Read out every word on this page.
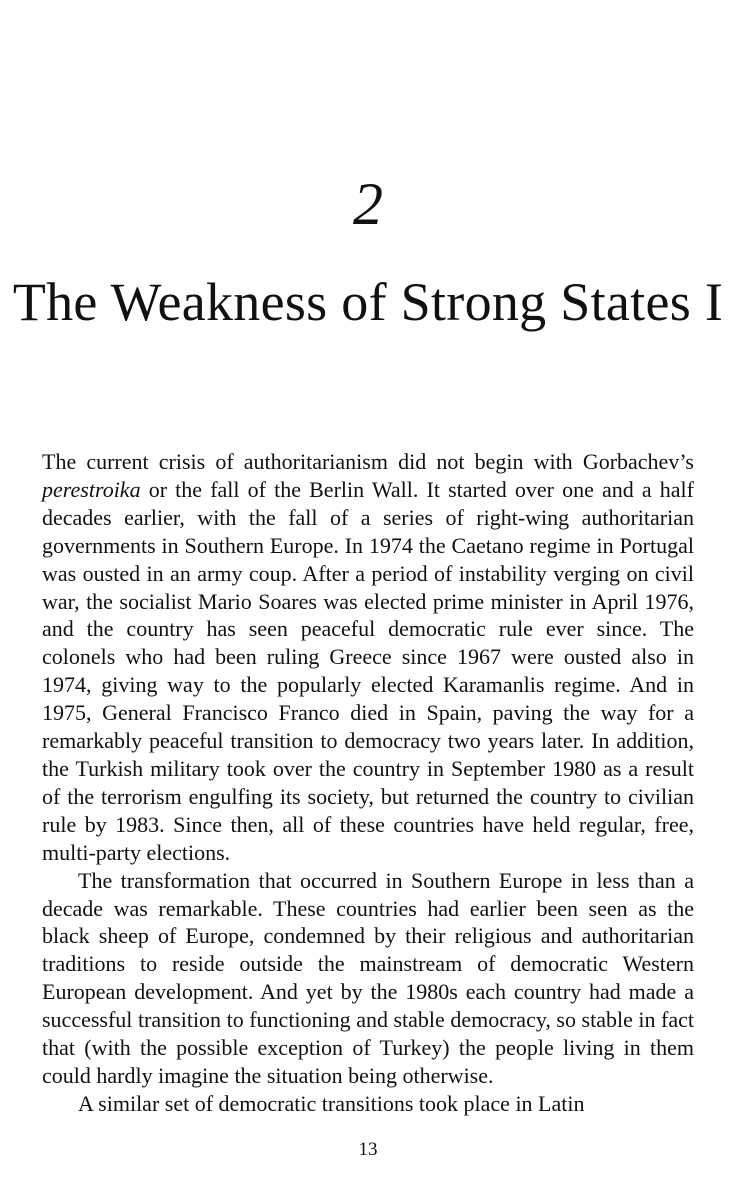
2
The Weakness of Strong States I

The current crisis of authoritarianism did not begin with Gorbachev’s perestroika or the fall of the Berlin Wall. It started over one and a half decades earlier, with the fall of a series of right-wing authoritarian governments in Southern Europe. In 1974 the Caetano regime in Portugal was ousted in an army coup. After a period of instability verging on civil war, the socialist Mario Soares was elected prime minister in April 1976, and the country has seen peaceful democratic rule ever since. The colonels who had been ruling Greece since 1967 were ousted also in 1974, giving way to the popularly elected Karamanlis regime. And in 1975, General Francisco Franco died in Spain, paving the way for a remarkably peaceful transition to democracy two years later. In addition, the Turkish military took over the country in September 1980 as a result of the terrorism engulfing its society, but returned the country to civilian rule by 1983. Since then, all of these countries have held regular, free, multi-party elections.

The transformation that occurred in Southern Europe in less than a decade was remarkable. These countries had earlier been seen as the black sheep of Europe, condemned by their religious and authoritarian traditions to reside outside the mainstream of democratic Western European development. And yet by the 1980s each country had made a successful transition to functioning and stable democracy, so stable in fact that (with the possible exception of Turkey) the people living in them could hardly imagine the situation being otherwise.

A similar set of democratic transitions took place in Latin

13
